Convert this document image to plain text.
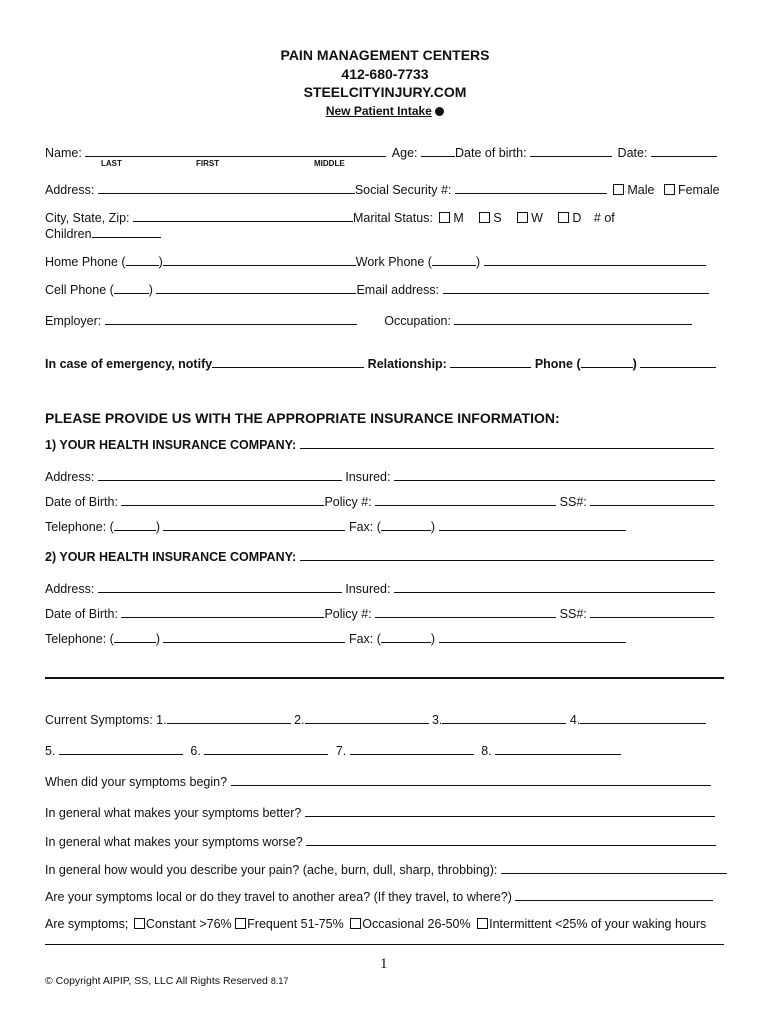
PAIN MANAGEMENT CENTERS
412-680-7733
STEELCITYINJURY.COM
New Patient Intake
Name:	Age:	Date of birth:	Date:
LAST	FIRST	MIDDLE
Address:	Social Security #:	Male Female
City, State, Zip:	Marital Status: M S W D # of
Children
Home Phone (	)	Work Phone (	)
Cell Phone (	)	Email address:
Employer:	Occupation:
In case of emergency, notify	Relationship:	Phone (	)
PLEASE PROVIDE US WITH THE APPROPRIATE INSURANCE INFORMATION:
1) YOUR HEALTH INSURANCE COMPANY:
Address:	Insured:
Date of Birth:	Policy #:	SS#:
Telephone: (	)	Fax: (	)
2) YOUR HEALTH INSURANCE COMPANY:
Address:	Insured:
Date of Birth:	Policy #:	SS#:
Telephone: (	)	Fax: (	)
Current Symptoms: 1.	2.	3.	4.
5.	6.	7.	8.
When did your symptoms begin?
In general what makes your symptoms better?
In general what makes your symptoms worse?
In general how would you describe your pain? (ache, burn, dull, sharp, throbbing):
Are your symptoms local or do they travel to another area? (If they travel, to where?)
Are symptoms; Constant >76% Frequent 51-75% Occasional 26-50% Intermittent <25% of your waking hours
1
© Copyright AIPIP, SS, LLC All Rights Reserved 8.17
